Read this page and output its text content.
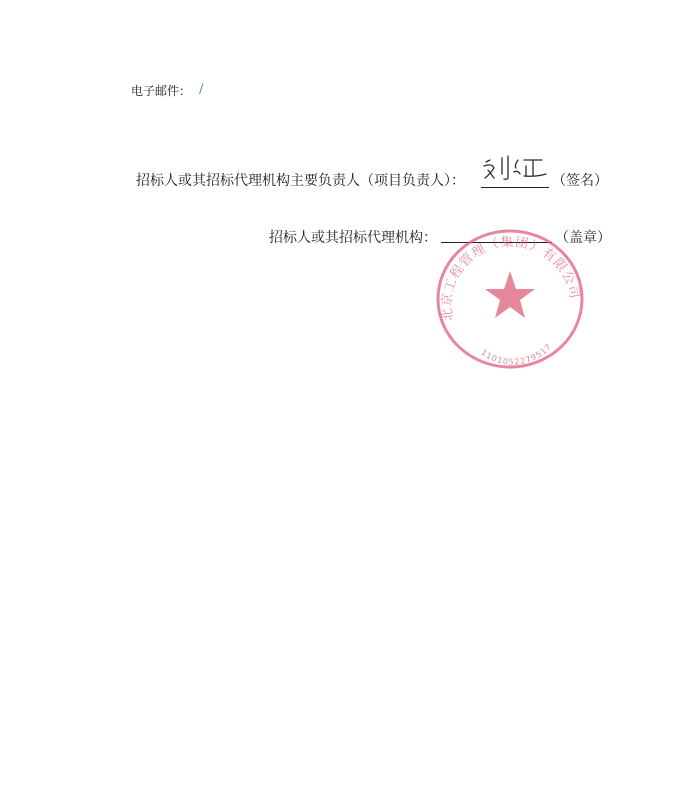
电子邮件： /
招标人或其招标代理机构主要负责人（项目负责人）：	（签名）
招标人或其招标代理机构：	（盖章）
北京工程管理（集团）有限公司
1101052279517
